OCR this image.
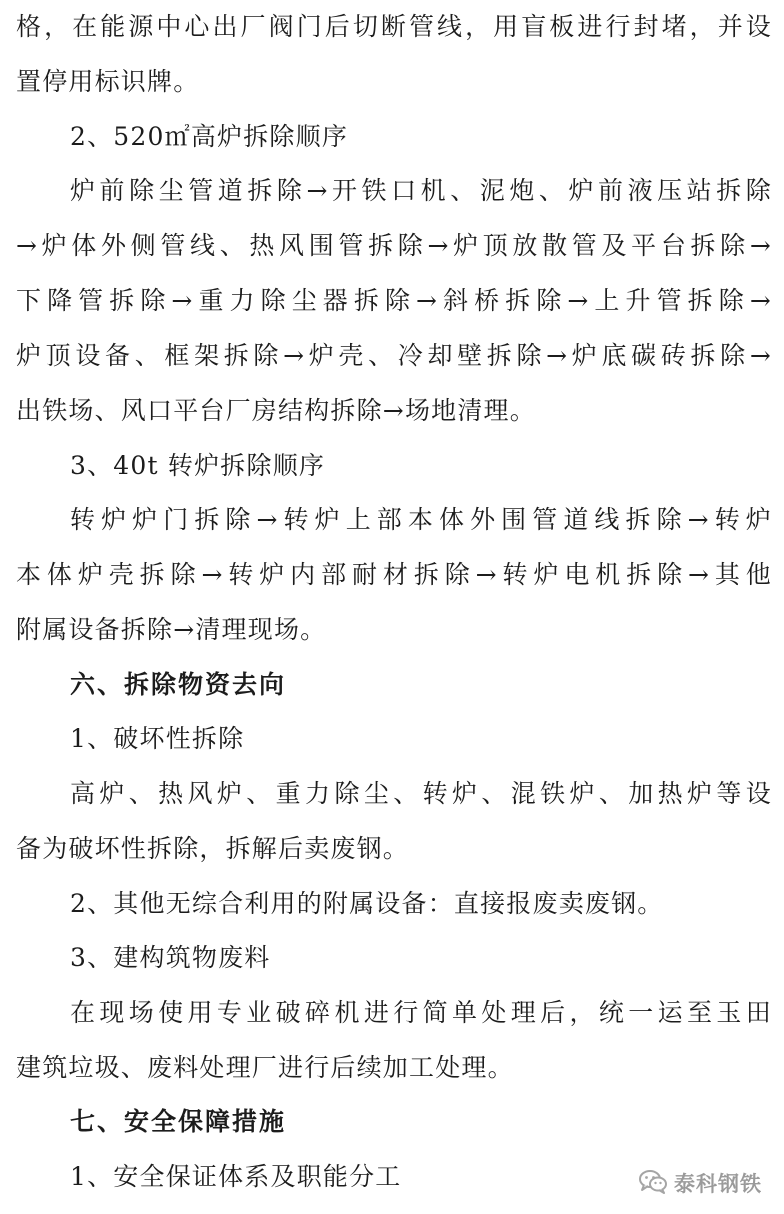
格，在能源中心出厂阀门后切断管线，用盲板进行封堵，并设
置停用标识牌。
2、520㎡高炉拆除顺序
炉前除尘管道拆除→开铁口机、泥炮、炉前液压站拆除
→炉体外侧管线、热风围管拆除→炉顶放散管及平台拆除→
下降管拆除→重力除尘器拆除→斜桥拆除→上升管拆除→
炉顶设备、框架拆除→炉壳、冷却壁拆除→炉底碳砖拆除→
出铁场、风口平台厂房结构拆除→场地清理。
3、40t 转炉拆除顺序
转炉炉门拆除→转炉上部本体外围管道线拆除→转炉
本体炉壳拆除→转炉内部耐材拆除→转炉电机拆除→其他
附属设备拆除→清理现场。
六、拆除物资去向
1、破坏性拆除
高炉、热风炉、重力除尘、转炉、混铁炉、加热炉等设
备为破坏性拆除，拆解后卖废钢。
2、其他无综合利用的附属设备：直接报废卖废钢。
3、建构筑物废料
在现场使用专业破碎机进行简单处理后，统一运至玉田
建筑垃圾、废料处理厂进行后续加工处理。
七、安全保障措施
1、安全保证体系及职能分工	泰科钢铁
